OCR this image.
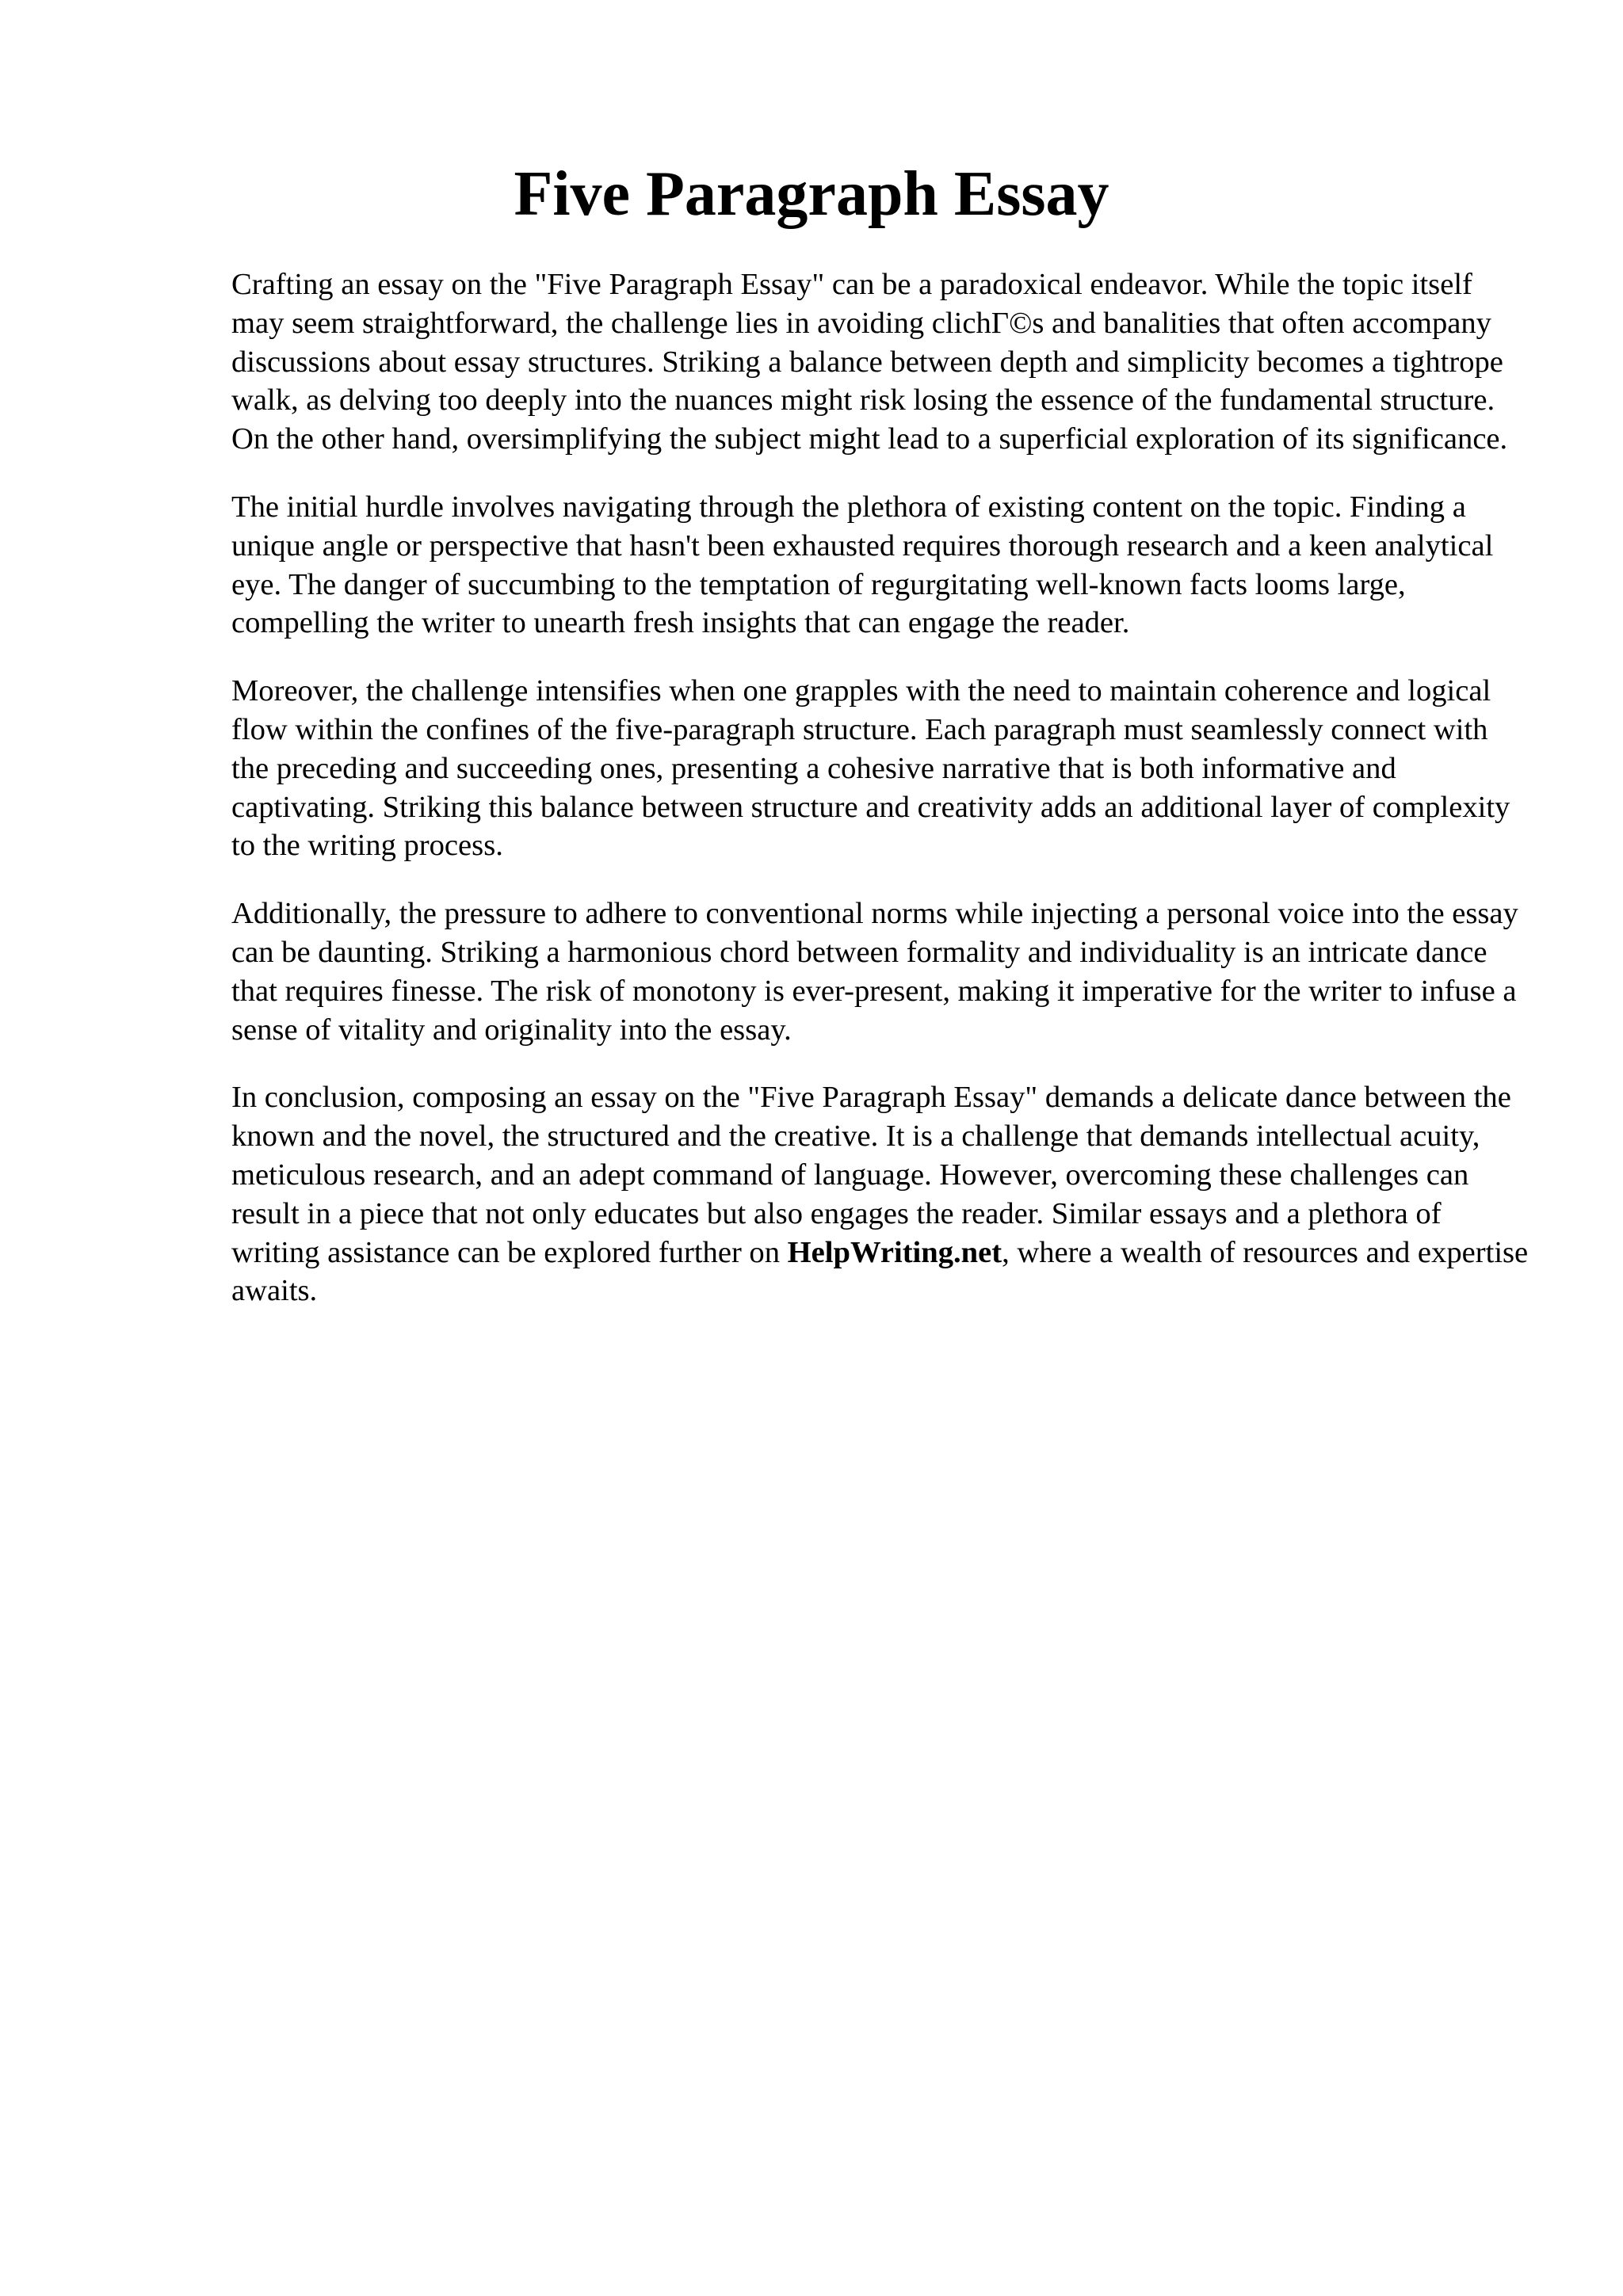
Five Paragraph Essay

Crafting an essay on the "Five Paragraph Essay" can be a paradoxical endeavor. While the topic itself may seem straightforward, the challenge lies in avoiding clichΓ©s and banalities that often accompany discussions about essay structures. Striking a balance between depth and simplicity becomes a tightrope walk, as delving too deeply into the nuances might risk losing the essence of the fundamental structure. On the other hand, oversimplifying the subject might lead to a superficial exploration of its significance.

The initial hurdle involves navigating through the plethora of existing content on the topic. Finding a unique angle or perspective that hasn't been exhausted requires thorough research and a keen analytical eye. The danger of succumbing to the temptation of regurgitating well-known facts looms large, compelling the writer to unearth fresh insights that can engage the reader.

Moreover, the challenge intensifies when one grapples with the need to maintain coherence and logical flow within the confines of the five-paragraph structure. Each paragraph must seamlessly connect with the preceding and succeeding ones, presenting a cohesive narrative that is both informative and captivating. Striking this balance between structure and creativity adds an additional layer of complexity to the writing process.

Additionally, the pressure to adhere to conventional norms while injecting a personal voice into the essay can be daunting. Striking a harmonious chord between formality and individuality is an intricate dance that requires finesse. The risk of monotony is ever-present, making it imperative for the writer to infuse a sense of vitality and originality into the essay.

In conclusion, composing an essay on the "Five Paragraph Essay" demands a delicate dance between the known and the novel, the structured and the creative. It is a challenge that demands intellectual acuity, meticulous research, and an adept command of language. However, overcoming these challenges can result in a piece that not only educates but also engages the reader. Similar essays and a plethora of writing assistance can be explored further on HelpWriting.net, where a wealth of resources and expertise awaits.
